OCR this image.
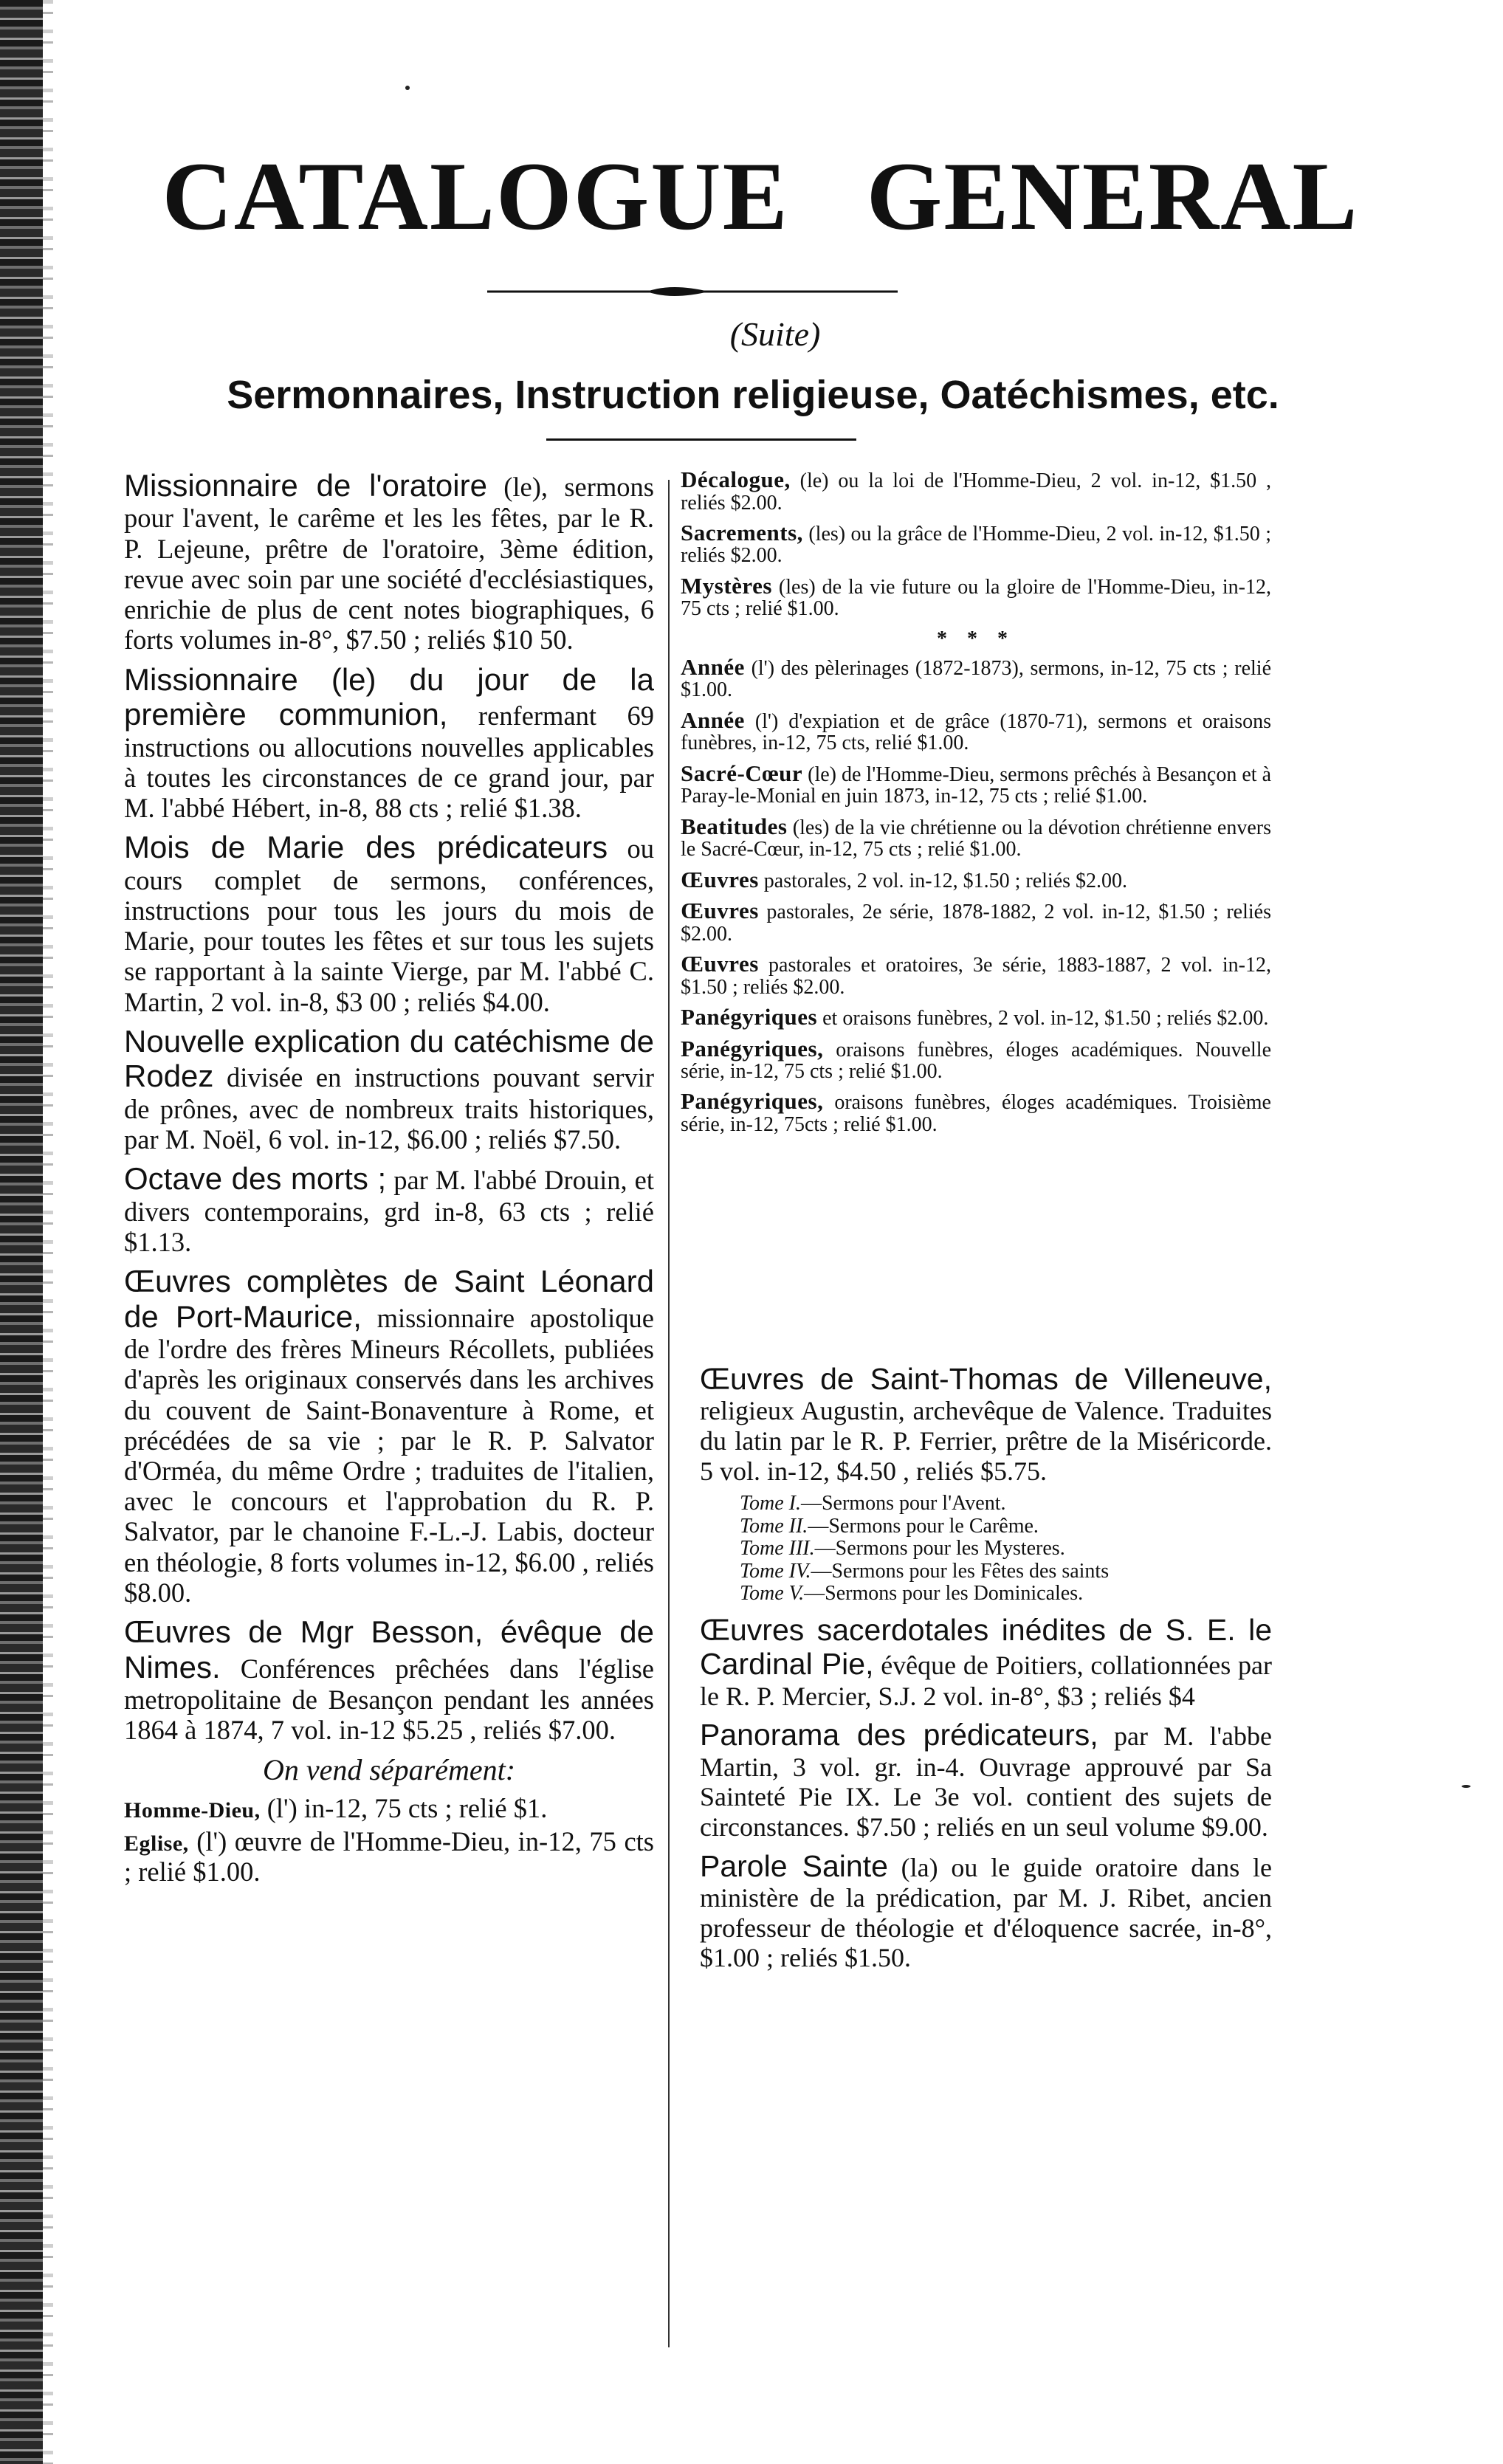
CATALOGUE GENERAL

(Suite)

Sermonnaires, Instruction religieuse, Oatéchismes, etc.

Missionnaire de l'oratoire (le), sermons pour l'avent, le carême et les les fêtes, par le R. P. Lejeune, prêtre de l'oratoire, 3ème édition, revue avec soin par une société d'ecclésiastiques, enrichie de plus de cent notes biographiques, 6 forts volumes in-8°, $7.50 ; reliés $10 50.

Missionnaire (le) du jour de la première communion, renfermant 69 instructions ou allocutions nouvelles applicables à toutes les circonstances de ce grand jour, par M. l'abbé Hébert, in-8, 88 cts ; relié $1.38.

Mois de Marie des prédicateurs ou cours complet de sermons, conférences, instructions pour tous les jours du mois de Marie, pour toutes les fêtes et sur tous les sujets se rapportant à la sainte Vierge, par M. l'abbé C. Martin, 2 vol. in-8, $3 00 ; reliés $4.00.

Nouvelle explication du catéchisme de Rodez divisée en instructions pouvant servir de prônes, avec de nombreux traits historiques, par M. Noël, 6 vol. in-12, $6.00 ; reliés $7.50.

Octave des morts ; par M. l'abbé Drouin, et divers contemporains, grd in-8, 63 cts ; relié $1.13.

Œuvres complètes de Saint Léonard de Port-Maurice, missionnaire apostolique de l'ordre des frères Mineurs Récollets, publiées d'après les originaux conservés dans les archives du couvent de Saint-Bonaventure à Rome, et précédées de sa vie ; par le R. P. Salvator d'Orméa, du même Ordre ; traduites de l'italien, avec le concours et l'approbation du R. P. Salvator, par le chanoine F.-L.-J. Labis, docteur en théologie, 8 forts volumes in-12, $6.00 , reliés $8.00.

Œuvres de Mgr Besson, évêque de Nimes. Conférences prêchées dans l'église metropolitaine de Besançon pendant les années 1864 à 1874, 7 vol. in-12 $5.25 , reliés $7.00.

On vend séparément:

Homme-Dieu, (l') in-12, 75 cts ; relié $1.

Eglise, (l') œuvre de l'Homme-Dieu, in-12, 75 cts ; relié $1.00.

Décalogue, (le) ou la loi de l'Homme-Dieu, 2 vol. in-12, $1.50 , reliés $2.00.

Sacrements, (les) ou la grâce de l'Homme-Dieu, 2 vol. in-12, $1.50 ; reliés $2.00.

Mystères (les) de la vie future ou la gloire de l'Homme-Dieu, in-12, 75 cts ; relié $1.00.

* * *

Année (l') des pèlerinages (1872-1873), sermons, in-12, 75 cts ; relié $1.00.

Année (l') d'expiation et de grâce (1870-71), sermons et oraisons funèbres, in-12, 75 cts, relié $1.00.

Sacré-Cœur (le) de l'Homme-Dieu, sermons prêchés à Besançon et à Paray-le-Monial en juin 1873, in-12, 75 cts ; relié $1.00.

Beatitudes (les) de la vie chrétienne ou la dévotion chrétienne envers le Sacré-Cœur, in-12, 75 cts ; relié $1.00.

Œuvres pastorales, 2 vol. in-12, $1.50 ; reliés $2.00.

Œuvres pastorales, 2e série, 1878-1882, 2 vol. in-12, $1.50 ; reliés $2.00.

Œuvres pastorales et oratoires, 3e série, 1883-1887, 2 vol. in-12, $1.50 ; reliés $2.00.

Panégyriques et oraisons funèbres, 2 vol. in-12, $1.50 ; reliés $2.00.

Panégyriques, oraisons funèbres, éloges académiques. Nouvelle série, in-12, 75 cts ; relié $1.00.

Panégyriques, oraisons funèbres, éloges académiques. Troisième série, in-12, 75cts ; relié $1.00.

Œuvres de Saint-Thomas de Villeneuve, religieux Augustin, archevêque de Valence. Traduites du latin par le R. P. Ferrier, prêtre de la Miséricorde. 5 vol. in-12, $4.50 , reliés $5.75.

Tome I.—Sermons pour l'Avent.
Tome II.—Sermons pour le Carême.
Tome III.—Sermons pour les Mysteres.
Tome IV.—Sermons pour les Fêtes des saints
Tome V.—Sermons pour les Dominicales.

Œuvres sacerdotales inédites de S. E. le Cardinal Pie, évêque de Poitiers, collationnées par le R. P. Mercier, S.J. 2 vol. in-8°, $3 ; reliés $4

Panorama des prédicateurs, par M. l'abbe Martin, 3 vol. gr. in-4. Ouvrage approuvé par Sa Sainteté Pie IX. Le 3e vol. contient des sujets de circonstances. $7.50 ; reliés en un seul volume $9.00.

Parole Sainte (la) ou le guide oratoire dans le ministère de la prédication, par M. J. Ribet, ancien professeur de théologie et d'éloquence sacrée, in-8°, $1.00 ; reliés $1.50.
